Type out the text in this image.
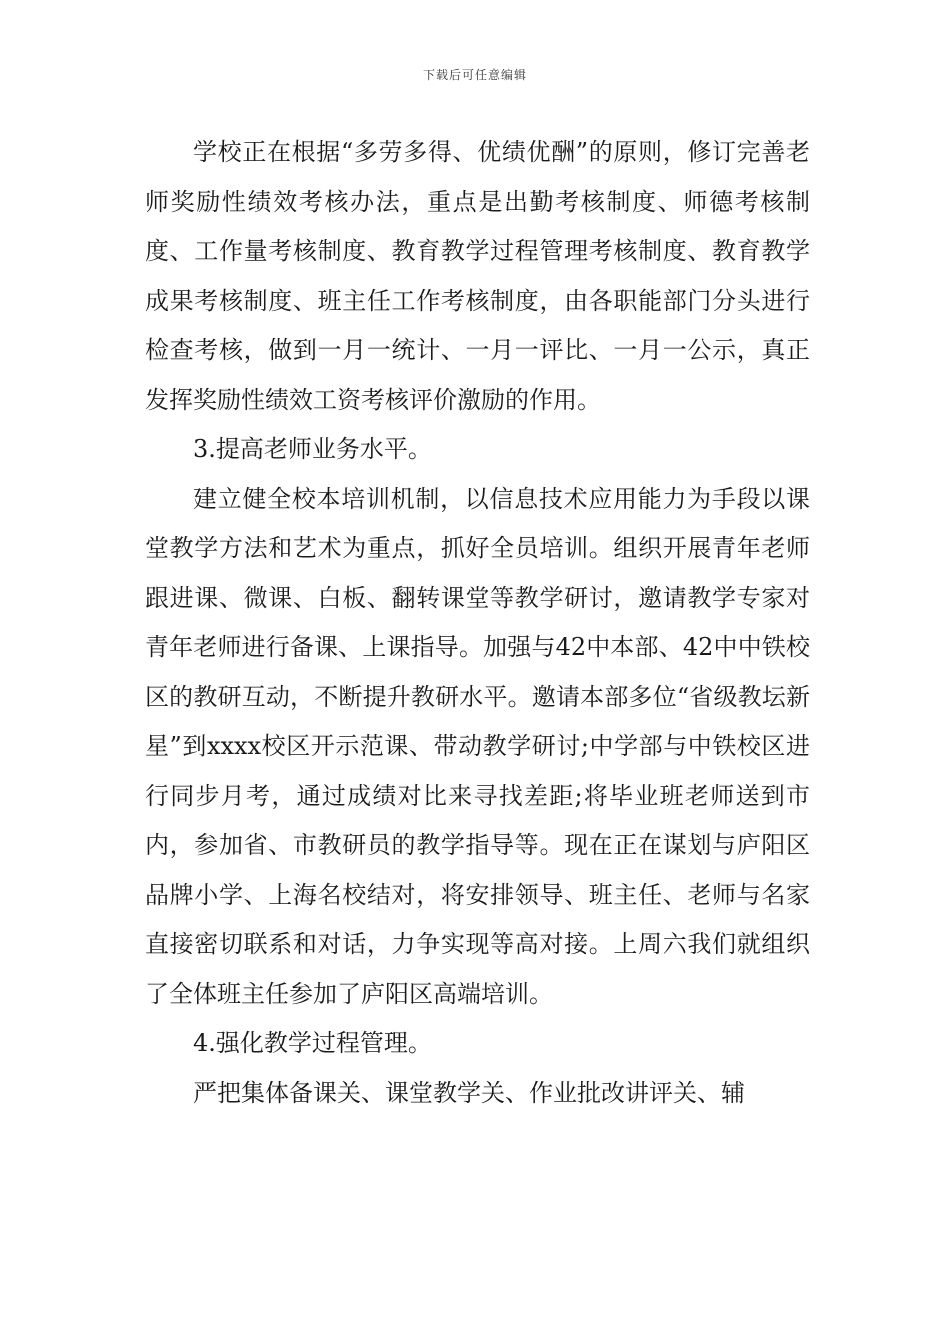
下载后可任意编辑

学校正在根据“多劳多得、优绩优酬”的原则，修订完善老师奖励性绩效考核办法，重点是出勤考核制度、师德考核制度、工作量考核制度、教育教学过程管理考核制度、教育教学成果考核制度、班主任工作考核制度，由各职能部门分头进行检查考核，做到一月一统计、一月一评比、一月一公示，真正发挥奖励性绩效工资考核评价激励的作用。

3.提高老师业务水平。

建立健全校本培训机制，以信息技术应用能力为手段以课堂教学方法和艺术为重点，抓好全员培训。组织开展青年老师跟进课、微课、白板、翻转课堂等教学研讨，邀请教学专家对青年老师进行备课、上课指导。加强与42中本部、42中中铁校区的教研互动，不断提升教研水平。邀请本部多位“省级教坛新星”到xxxx校区开示范课、带动教学研讨;中学部与中铁校区进行同步月考，通过成绩对比来寻找差距;将毕业班老师送到市内，参加省、市教研员的教学指导等。现在正在谋划与庐阳区品牌小学、上海名校结对，将安排领导、班主任、老师与名家直接密切联系和对话，力争实现等高对接。上周六我们就组织了全体班主任参加了庐阳区高端培训。

4.强化教学过程管理。

严把集体备课关、课堂教学关、作业批改讲评关、辅
